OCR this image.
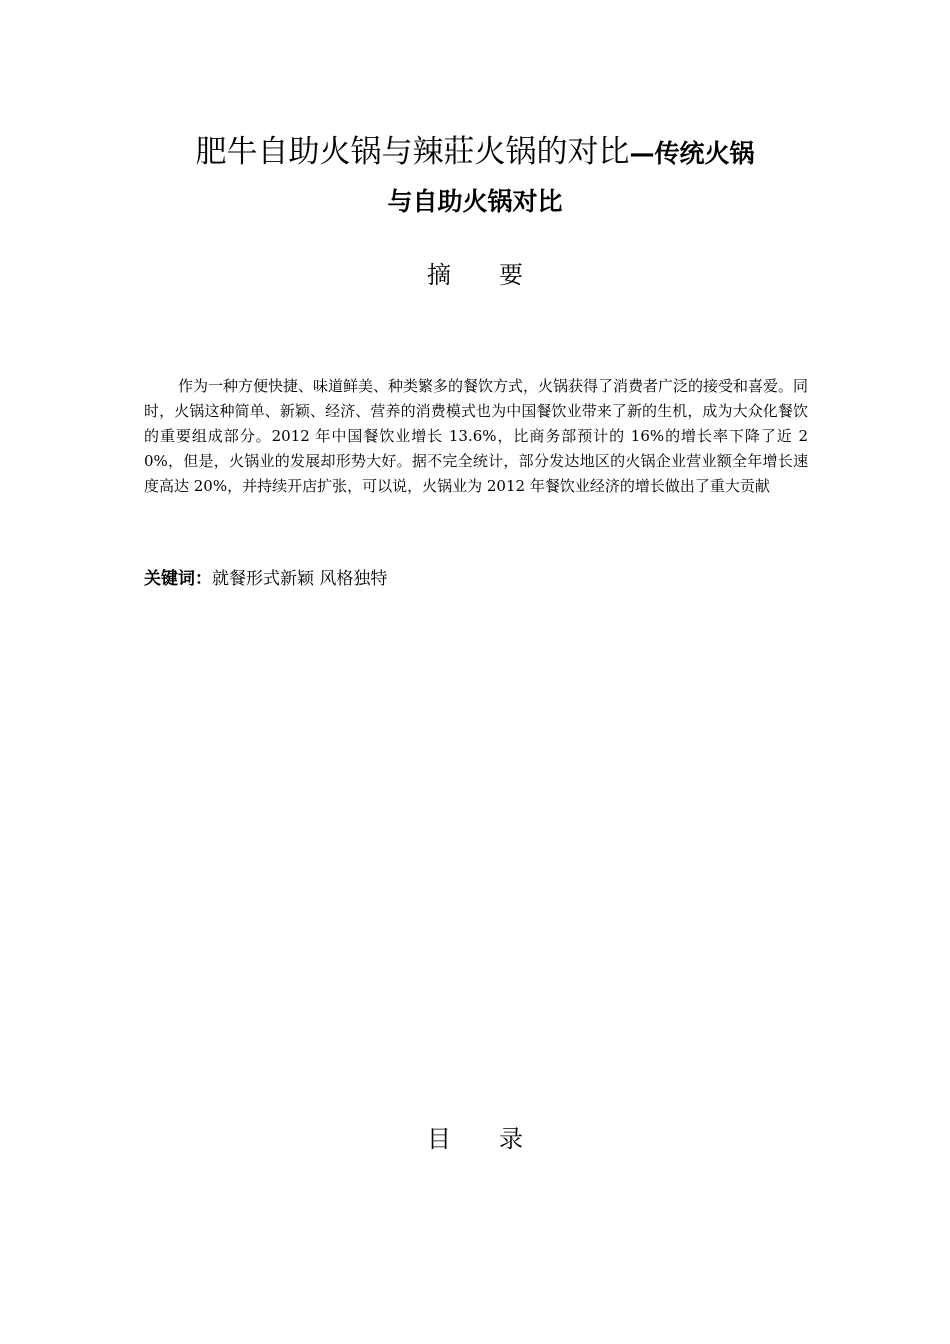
肥牛自助火锅与辣莊火锅的对比—传统火锅
与自助火锅对比
摘要

作为一种方便快捷、味道鲜美、种类繁多的餐饮方式，火锅获得了消费者广泛的接受和喜爱。同时，火锅这种简单、新颖、经济、营养的消费模式也为中国餐饮业带来了新的生机，成为大众化餐饮的重要组成部分。2012 年中国餐饮业增长 13.6%，比商务部预计的 16%的增长率下降了近 20%，但是，火锅业的发展却形势大好。据不完全统计，部分发达地区的火锅企业营业额全年增长速度高达 20%，并持续开店扩张，可以说，火锅业为 2012 年餐饮业经济的增长做出了重大贡献

关键词：就餐形式新颖 风格独特
目录
